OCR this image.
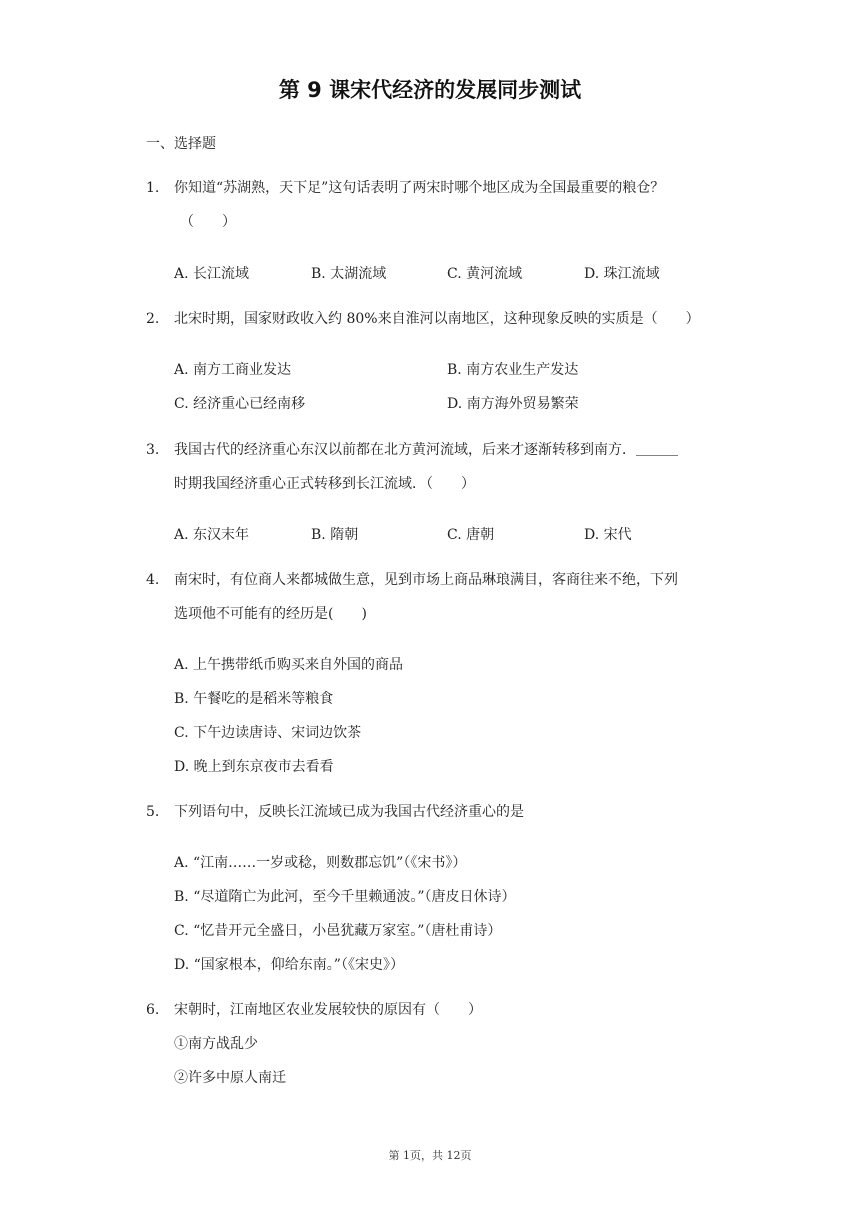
第 9 课宋代经济的发展同步测试
一、选择题
1. 你知道“苏湖熟，天下足”这句话表明了两宋时哪个地区成为全国最重要的粮仓？
（　　）
A. 长江流域	B. 太湖流域	C. 黄河流域	D. 珠江流域
2. 北宋时期，国家财政收入约 80%来自淮河以南地区，这种现象反映的实质是（　　）
A. 南方工商业发达	B. 南方农业生产发达
C. 经济重心已经南移	D. 南方海外贸易繁荣
3. 我国古代的经济重心东汉以前都在北方黄河流域，后来才逐渐转移到南方．＿＿＿
时期我国经济重心正式转移到长江流域．（　　）
A. 东汉末年	B. 隋朝	C. 唐朝	D. 宋代
4. 南宋时，有位商人来都城做生意，见到市场上商品琳琅满目，客商往来不绝，下列
选项他不可能有的经历是(　　)
A. 上午携带纸币购买来自外国的商品
B. 午餐吃的是稻米等粮食
C. 下午边读唐诗、宋词边饮茶
D. 晚上到东京夜市去看看
5. 下列语句中，反映长江流域已成为我国古代经济重心的是
A. “江南……一岁或稔，则数郡忘饥”（《宋书》）
B. “尽道隋亡为此河，至今千里赖通波。”（唐皮日休诗）
C. “忆昔开元全盛日，小邑犹藏万家室。”（唐杜甫诗）
D. “国家根本，仰给东南。”（《宋史》）
6. 宋朝时，江南地区农业发展较快的原因有（　　）
①南方战乱少
②许多中原人南迁
第 1页，共 12页
